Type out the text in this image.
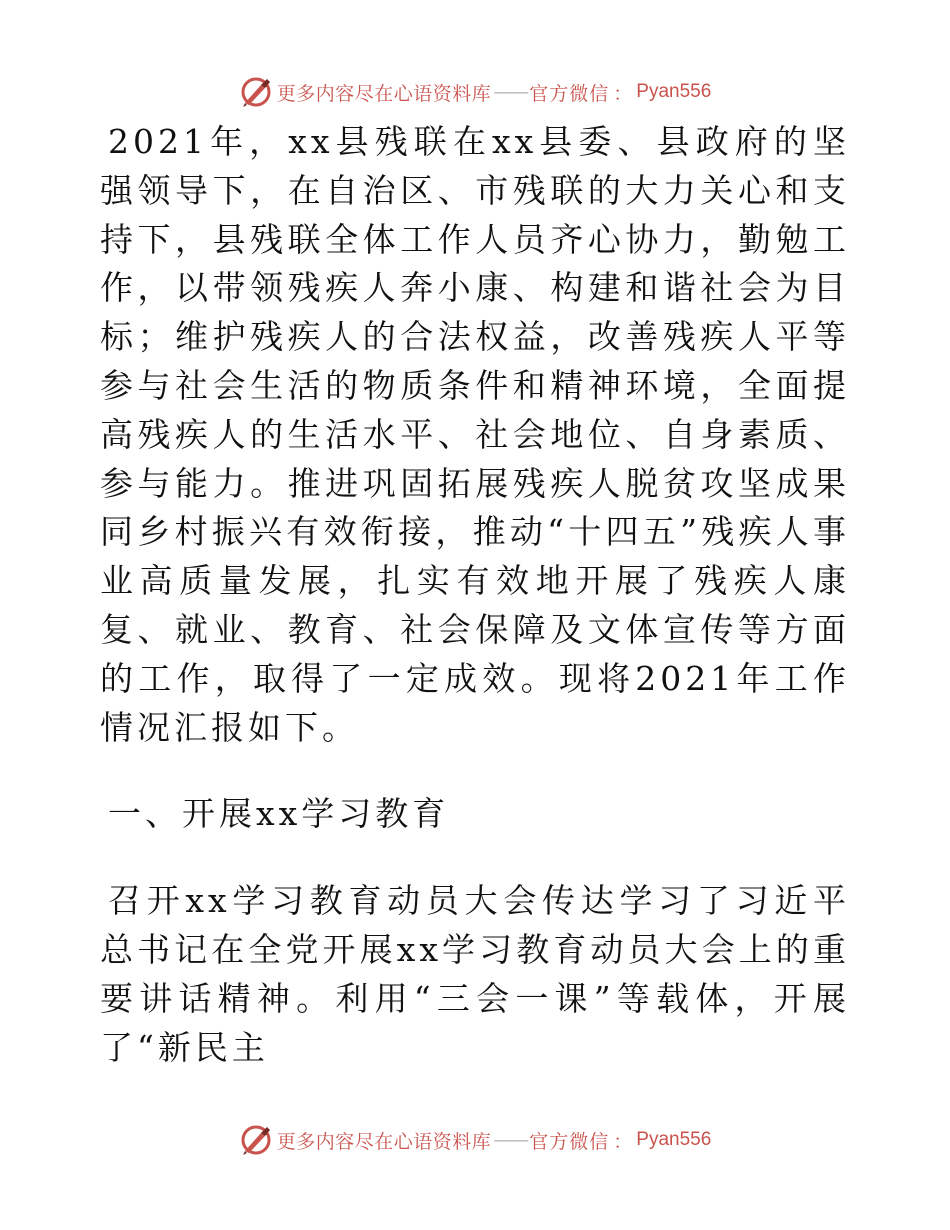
更多内容尽在心语资料库 —— 官方微信 ： Pyan556

2021年，xx县残联在xx县委、县政府的坚强领导下，在自治区、市残联的大力关心和支持下，县残联全体工作人员齐心协力，勤勉工作，以带领残疾人奔小康、构建和谐社会为目标；维护残疾人的合法权益，改善残疾人平等参与社会生活的物质条件和精神环境，全面提高残疾人的生活水平、社会地位、自身素质、参与能力。推进巩固拓展残疾人脱贫攻坚成果同乡村振兴有效衔接，推动“十四五”残疾人事业高质量发展，扎实有效地开展了残疾人康复、就业、教育、社会保障及文体宣传等方面的工作，取得了一定成效。现将2021年工作情况汇报如下。

一、开展xx学习教育

召开xx学习教育动员大会传达学习了习近平总书记在全党开展xx学习教育动员大会上的重要讲话精神。利用“三会一课”等载体，开展了“新民主

更多内容尽在心语资料库 —— 官方微信 ： Pyan556
